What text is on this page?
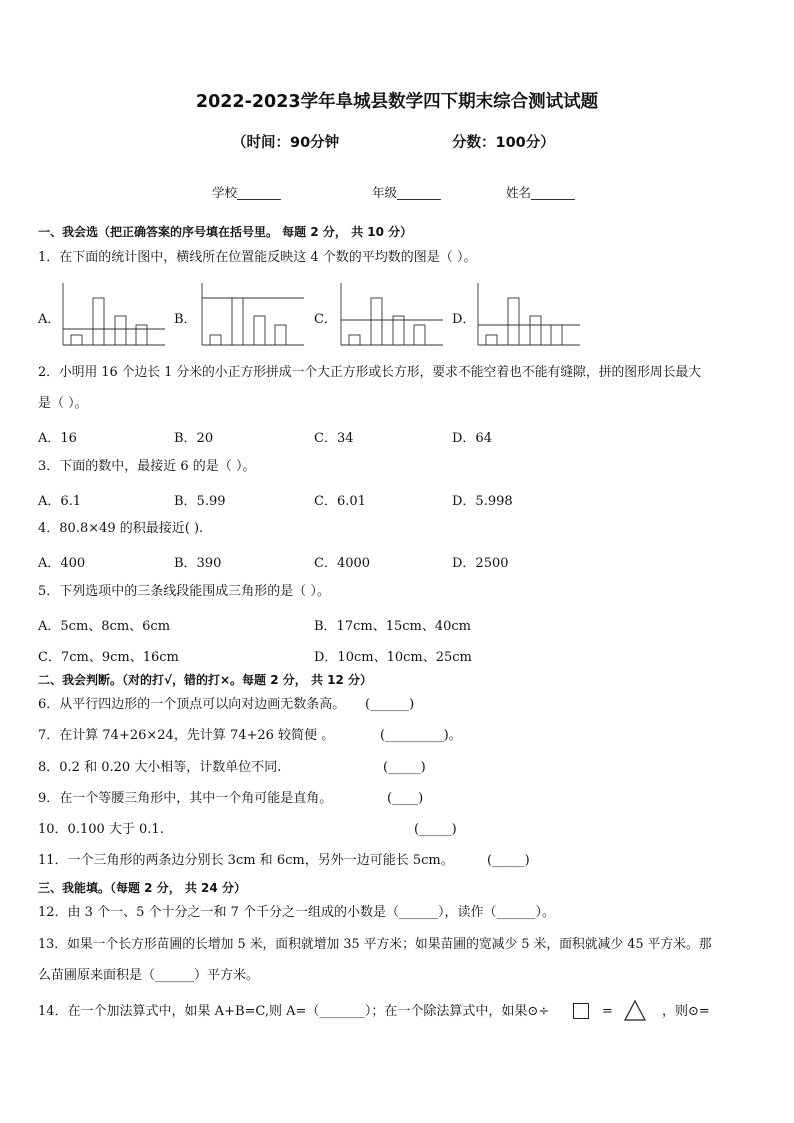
2022-2023学年阜城县数学四下期末综合测试试题
（时间：90分钟	分数：100分）
学校_______	年级_______	姓名_______
一、我会选（把正确答案的序号填在括号里。 每题 2 分， 共 10 分）
1．在下面的统计图中，横线所在位置能反映这 4 个数的平均数的图是（ ）。
A．	B．	C．	D．
2．小明用 16 个边长 1 分米的小正方形拼成一个大正方形或长方形，要求不能空着也不能有缝隙，拼的图形周长最大
是（ ）。
A．16	B．20	C．34	D．64
3．下面的数中，最接近 6 的是（ ）。
A．6.1	B．5.99	C．6.01	D．5.998
4．80.8×49 的积最接近( ).
A．400	B．390	C．4000	D．2500
5．下列选项中的三条线段能围成三角形的是（ ）。
A．5cm、8cm、6cm	B．17cm、15cm、40cm
C．7cm、9cm、16cm	D．10cm、10cm、25cm
二、我会判断。（对的打√，错的打×。每题 2 分， 共 12 分）
6．从平行四边形的一个顶点可以向对边画无数条高。 (______)
7．在计算 74+26×24，先计算 74+26 较简便 。	(_________)。
8．0.2 和 0.20 大小相等，计数单位不同.	(_____)
9．在一个等腰三角形中，其中一个角可能是直角。	(____)
10．0.100 大于 0.1.	(_____)
11．一个三角形的两条边分别长 3cm 和 6cm，另外一边可能长 5cm。	(_____)
三、我能填。（每题 2 分， 共 24 分）
12．由 3 个一、5 个十分之一和 7 个千分之一组成的小数是（______），读作（______）。
13．如果一个长方形苗圃的长增加 5 米，面积就增加 35 平方米；如果苗圃的宽减少 5 米，面积就减少 45 平方米。那
么苗圃原来面积是（______）平方米。
14．在一个加法算式中，如果 A+B=C,则 A=（_______）；在一个除法算式中，如果⊙÷	=	，则⊙=
